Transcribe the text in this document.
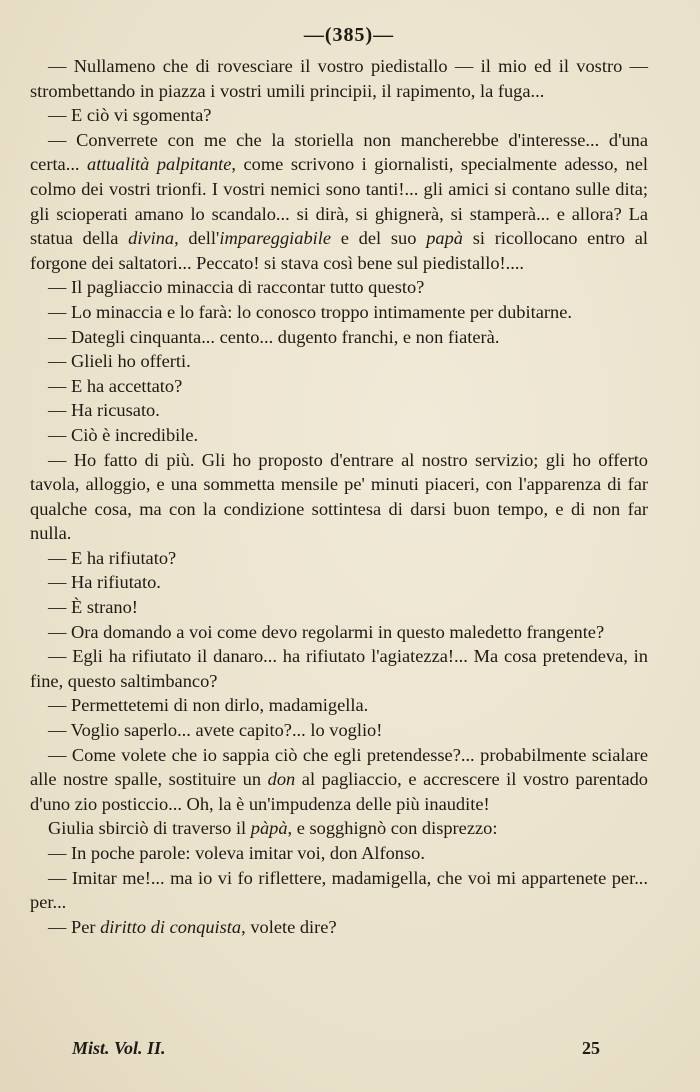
—(385)—

— Nullameno che di rovesciare il vostro piedistallo — il mio ed il vostro — strombettando in piazza i vostri umili principii, il rapimento, la fuga...

— E ciò vi sgomenta?

— Converrete con me che la storiella non mancherebbe d'interesse... d'una certa... attualità palpitante, come scrivono i giornalisti, specialmente adesso, nel colmo dei vostri trionfi. I vostri nemici sono tanti!... gli amici si contano sulle dita; gli scioperati amano lo scandalo... si dirà, si ghignerà, si stamperà... e allora? La statua della divina, dell'impareggiabile e del suo papà si ricollocano entro al forgone dei saltatori... Peccato! si stava così bene sul piedistallo!....

— Il pagliaccio minaccia di raccontar tutto questo?

— Lo minaccia e lo farà: lo conosco troppo intimamente per dubitarne.

— Dategli cinquanta... cento... dugento franchi, e non fiaterà.

— Glieli ho offerti.

— E ha accettato?

— Ha ricusato.

— Ciò è incredibile.

— Ho fatto di più. Gli ho proposto d'entrare al nostro servizio; gli ho offerto tavola, alloggio, e una sommetta mensile pe' minuti piaceri, con l'apparenza di far qualche cosa, ma con la condizione sottintesa di darsi buon tempo, e di non far nulla.

— E ha rifiutato?

— Ha rifiutato.

— È strano!

— Ora domando a voi come devo regolarmi in questo maledetto frangente?

— Egli ha rifiutato il danaro... ha rifiutato l'agiatezza!... Ma cosa pretendeva, in fine, questo saltimbanco?

— Permettetemi di non dirlo, madamigella.

— Voglio saperlo... avete capito?... lo voglio!

— Come volete che io sappia ciò che egli pretendesse?... probabilmente scialare alle nostre spalle, sostituire un don al pagliaccio, e accrescere il vostro parentado d'uno zio posticcio... Oh, la è un'impudenza delle più inaudite!

Giulia sbirciò di traverso il pàpà, e sogghignò con disprezzo:

— In poche parole: voleva imitar voi, don Alfonso.

— Imitar me!... ma io vi fo riflettere, madamigella, che voi mi appartenete per... per...

— Per diritto di conquista, volete dire?

Mist. Vol. II.	25
